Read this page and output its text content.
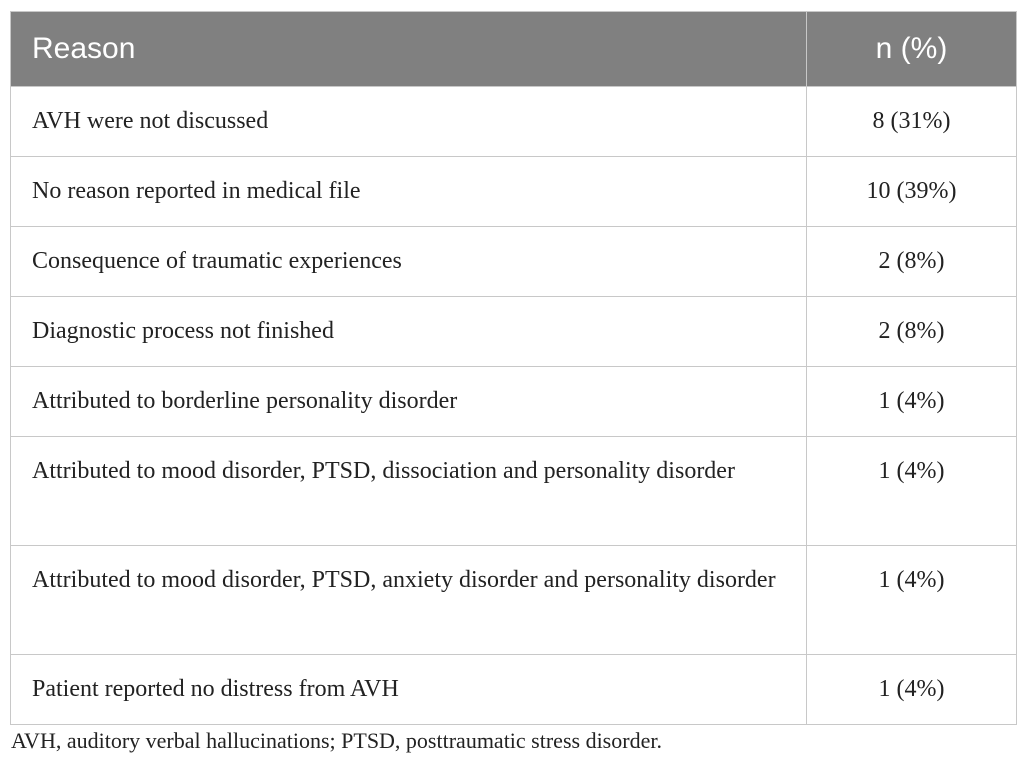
Reason	n (%)
AVH were not discussed	8 (31%)
No reason reported in medical file	10 (39%)
Consequence of traumatic experiences	2 (8%)
Diagnostic process not finished	2 (8%)
Attributed to borderline personality disorder	1 (4%)
Attributed to mood disorder, PTSD, dissociation and personality disorder	1 (4%)
Attributed to mood disorder, PTSD, anxiety disorder and personality disorder	1 (4%)
Patient reported no distress from AVH	1 (4%)
AVH, auditory verbal hallucinations; PTSD, posttraumatic stress disorder.
